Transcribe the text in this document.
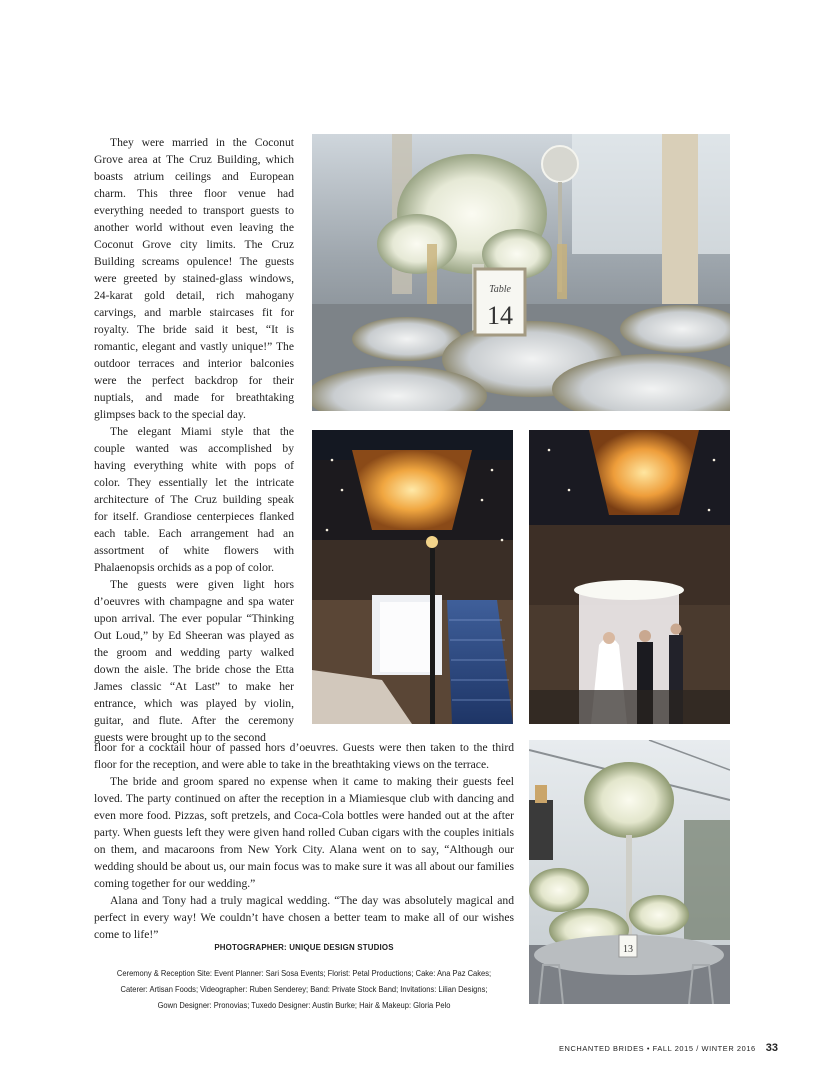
They were married in the Coconut Grove area at The Cruz Building, which boasts atrium ceilings and European charm. This three floor venue had everything needed to transport guests to another world without even leaving the Coconut Grove city limits. The Cruz Building screams opulence! The guests were greeted by stained-glass windows, 24-karat gold detail, rich mahogany carvings, and marble staircases fit for royalty. The bride said it best, “It is romantic, elegant and vastly unique!” The outdoor terraces and interior balconies were the perfect backdrop for their nuptials, and made for breathtaking glimpses back to the special day.

The elegant Miami style that the couple wanted was accomplished by having everything white with pops of color. They essentially let the intricate architecture of The Cruz building speak for itself. Grandiose centerpieces flanked each table. Each arrangement had an assortment of white flowers with Phalaenopsis orchids as a pop of color.

The guests were given light hors d’oeuvres with champagne and spa water upon arrival. The ever popular “Thinking Out Loud,” by Ed Sheeran was played as the groom and wedding party walked down the aisle. The bride chose the Etta James classic “At Last” to make her entrance, which was played by violin, guitar, and flute. After the ceremony guests were brought up to the second

floor for a cocktail hour of passed hors d’oeuvres. Guests were then taken to the third floor for the reception, and were able to take in the breathtaking views on the terrace.

The bride and groom spared no expense when it came to making their guests feel loved. The party continued on after the reception in a Miamiesque club with dancing and even more food. Pizzas, soft pretzels, and Coca-Cola bottles were handed out at the after party. When guests left they were given hand rolled Cuban cigars with the couples initials on them, and macaroons from New York City. Alana went on to say, “Although our wedding should be about us, our main focus was to make sure it was all about our families coming together for our wedding.”

Alana and Tony had a truly magical wedding. “The day was absolutely magical and perfect in every way! We couldn’t have chosen a better team to make all of our wishes come to life!”

Table
14
13
PHOTOGRAPHER: UNIQUE DESIGN STUDIOS
Ceremony & Reception Site: Event Planner: Sari Sosa Events; Florist: Petal Productions; Cake: Ana Paz Cakes;
Caterer: Artisan Foods; Videographer: Ruben Senderey; Band: Private Stock Band; Invitations: Lilian Designs;
Gown Designer: Pronovias; Tuxedo Designer: Austin Burke; Hair & Makeup: Gloria Pelo
ENCHANTED BRIDES • FALL 2015 / WINTER 2016 33
